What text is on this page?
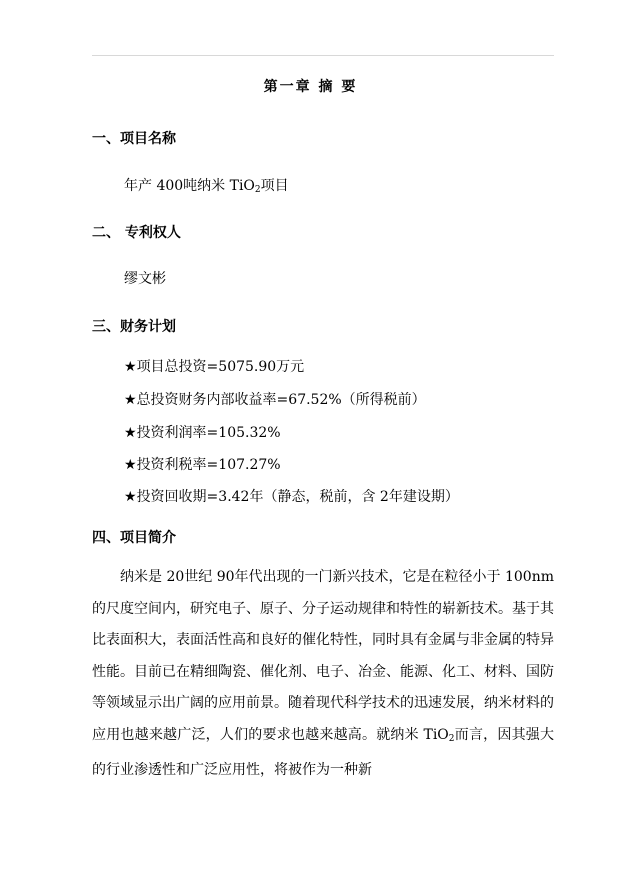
第一章 摘 要
一、项目名称
年产 400吨纳米 TiO$_2$项目
二、 专利权人
缪文彬
三、财务计划
★项目总投资=5075.90万元
★总投资财务内部收益率=67.52%（所得税前）
★投资利润率=105.32%
★投资利税率=107.27%
★投资回收期=3.42年（静态，税前，含 2年建设期）
四、项目简介
纳米是 20世纪 90年代出现的一门新兴技术，它是在粒径小于 100nm的尺度空间内，研究电子、原子、分子运动规律和特性的崭新技术。基于其比表面积大，表面活性高和良好的催化特性，同时具有金属与非金属的特异性能。目前已在精细陶瓷、催化剂、电子、冶金、能源、化工、材料、国防等领域显示出广阔的应用前景。随着现代科学技术的迅速发展，纳米材料的应用也越来越广泛，人们的要求也越来越高。就纳米 TiO$_2$而言，因其强大的行业渗透性和广泛应用性，将被作为一种新
